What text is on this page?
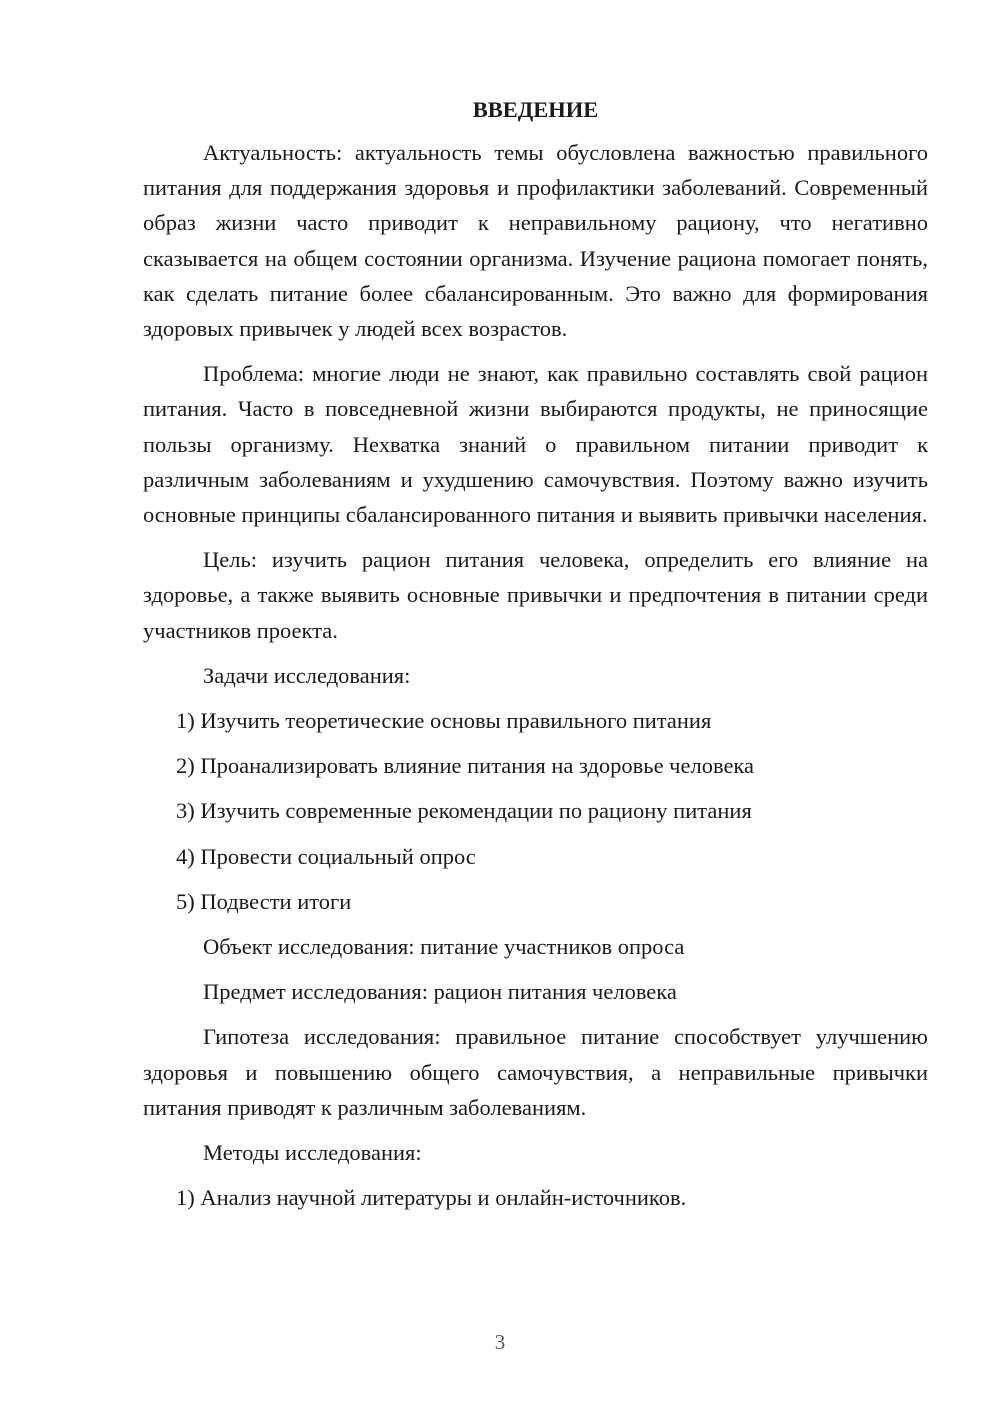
ВВЕДЕНИЕ

Актуальность: актуальность темы обусловлена важностью правильного питания для поддержания здоровья и профилактики заболеваний. Современный образ жизни часто приводит к неправильному рациону, что негативно сказывается на общем состоянии организма. Изучение рациона помогает понять, как сделать питание более сбалансированным. Это важно для формирования здоровых привычек у людей всех возрастов.

Проблема: многие люди не знают, как правильно составлять свой рацион питания. Часто в повседневной жизни выбираются продукты, не приносящие пользы организму. Нехватка знаний о правильном питании приводит к различным заболеваниям и ухудшению самочувствия. Поэтому важно изучить основные принципы сбалансированного питания и выявить привычки населения.

Цель: изучить рацион питания человека, определить его влияние на здоровье, а также выявить основные привычки и предпочтения в питании среди участников проекта.

Задачи исследования:

1) Изучить теоретические основы правильного питания
2) Проанализировать влияние питания на здоровье человека
3) Изучить современные рекомендации по рациону питания
4) Провести социальный опрос
5) Подвести итоги

Объект исследования: питание участников опроса

Предмет исследования: рацион питания человека

Гипотеза исследования: правильное питание способствует улучшению здоровья и повышению общего самочувствия, а неправильные привычки питания приводят к различным заболеваниям.

Методы исследования:

1) Анализ научной литературы и онлайн-источников.
3
